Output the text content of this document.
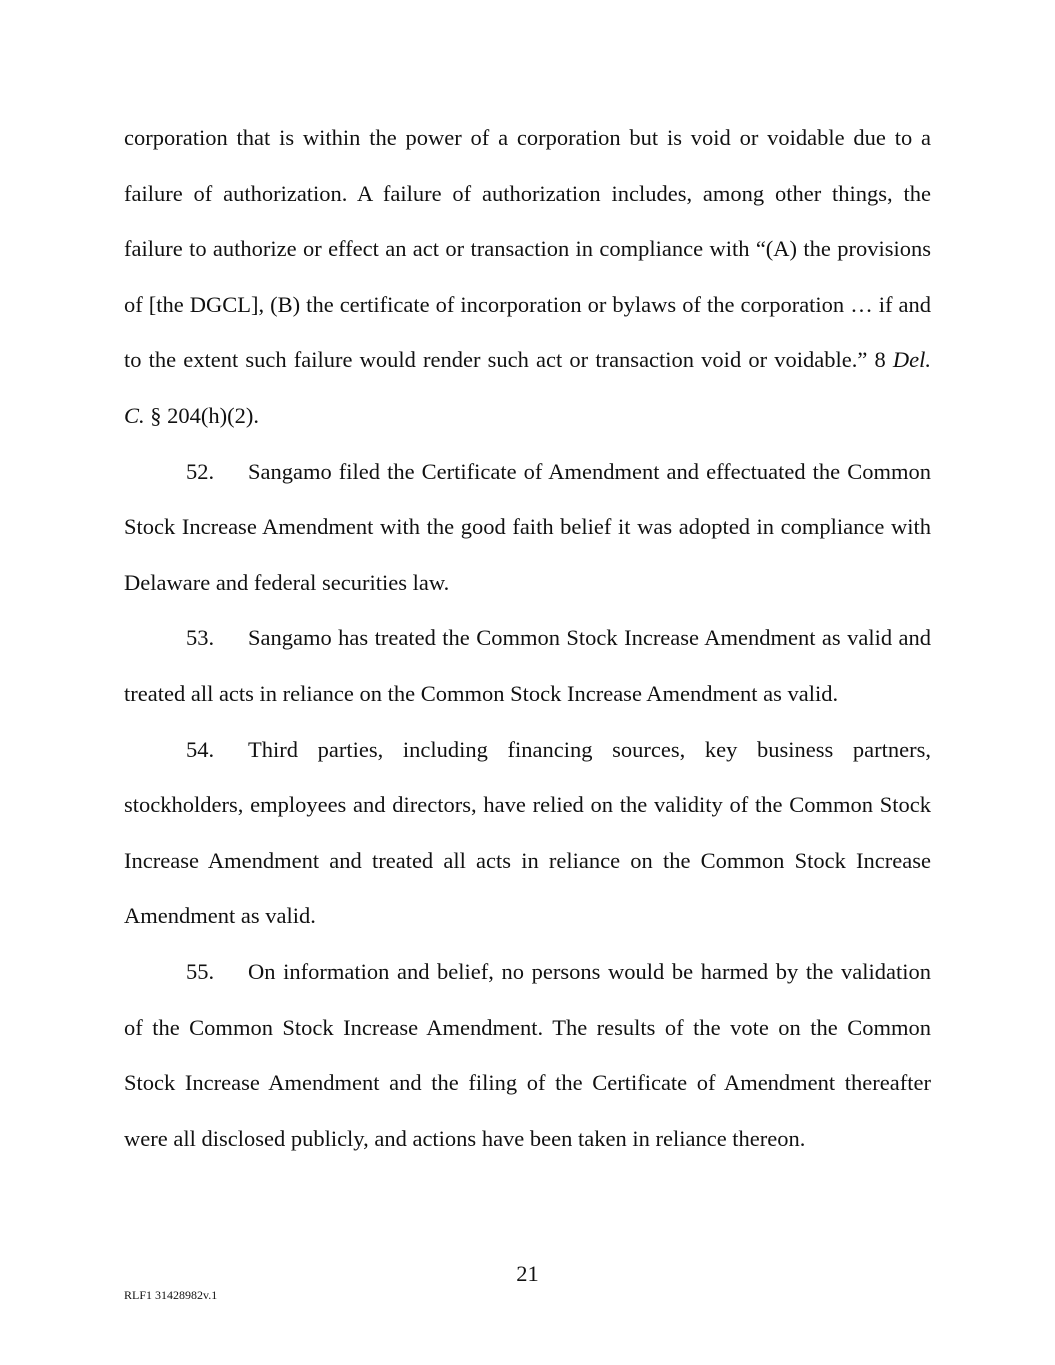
corporation that is within the power of a corporation but is void or voidable due to a failure of authorization. A failure of authorization includes, among other things, the failure to authorize or effect an act or transaction in compliance with “(A) the provisions of [the DGCL], (B) the certificate of incorporation or bylaws of the corporation … if and to the extent such failure would render such act or transaction void or voidable.” 8 Del. C. § 204(h)(2).

52. Sangamo filed the Certificate of Amendment and effectuated the Common Stock Increase Amendment with the good faith belief it was adopted in compliance with Delaware and federal securities law.

53. Sangamo has treated the Common Stock Increase Amendment as valid and treated all acts in reliance on the Common Stock Increase Amendment as valid.

54. Third parties, including financing sources, key business partners, stockholders, employees and directors, have relied on the validity of the Common Stock Increase Amendment and treated all acts in reliance on the Common Stock Increase Amendment as valid.

55. On information and belief, no persons would be harmed by the validation of the Common Stock Increase Amendment. The results of the vote on the Common Stock Increase Amendment and the filing of the Certificate of Amendment thereafter were all disclosed publicly, and actions have been taken in reliance thereon.

21
RLF1 31428982v.1
